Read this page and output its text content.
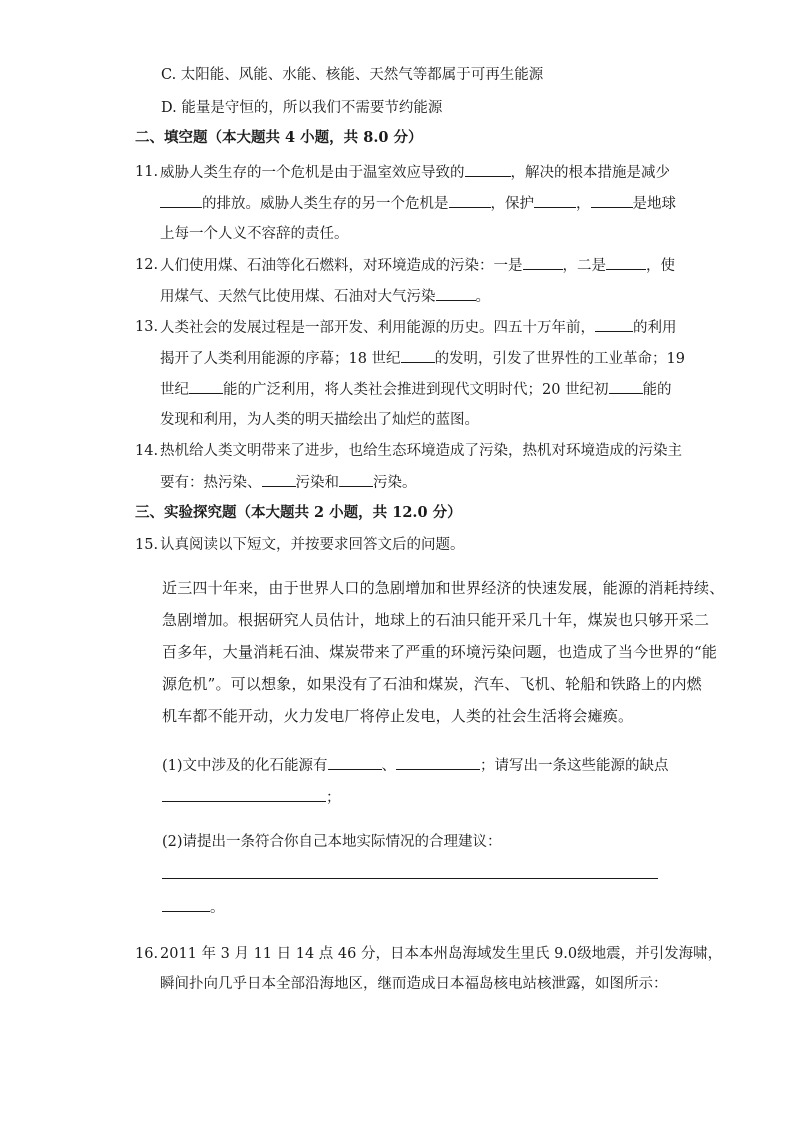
C. 太阳能、风能、水能、核能、天然气等都属于可再生能源
D. 能量是守恒的，所以我们不需要节约能源
二、填空题（本大题共 4 小题，共 8.0 分）
11. 威胁人类生存的一个危机是由于温室效应导致的	，解决的根本措施是减少
的排放。威胁人类生存的另一个危机是	，保护	，	是地球
上每一个人义不容辞的责任。
12. 人们使用煤、石油等化石燃料，对环境造成的污染：一是	，二是	，使
用煤气、天然气比使用煤、石油对大气污染	。
13. 人类社会的发展过程是一部开发、利用能源的历史。四五十万年前，	的利用
揭开了人类利用能源的序幕；18 世纪 的发明，引发了世界性的工业革命；19
世纪 能的广泛利用，将人类社会推进到现代文明时代；20 世纪初 能的
发现和利用，为人类的明天描绘出了灿烂的蓝图。
14. 热机给人类文明带来了进步，也给生态环境造成了污染，热机对环境造成的污染主
要有：热污染、 污染和 污染。
三、实验探究题（本大题共 2 小题，共 12.0 分）
15. 认真阅读以下短文，并按要求回答文后的问题。
近三四十年来，由于世界人口的急剧增加和世界经济的快速发展，能源的消耗持续、
急剧增加。根据研究人员估计，地球上的石油只能开采几十年，煤炭也只够开采二
百多年，大量消耗石油、煤炭带来了严重的环境污染问题，也造成了当今世界的“能
源危机”。可以想象，如果没有了石油和煤炭，汽车、飞机、轮船和铁路上的内燃
机车都不能开动，火力发电厂将停止发电，人类的社会生活将会瘫痪。
(1)文中涉及的化石能源有	、	；请写出一条这些能源的缺点
；
(2)请提出一条符合你自己本地实际情况的合理建议：
。
16. 2011 年 3 月 11 日 14 点 46 分，日本本州岛海域发生里氏 9.0级地震，并引发海啸，
瞬间扑向几乎日本全部沿海地区，继而造成日本福岛核电站核泄露，如图所示：
